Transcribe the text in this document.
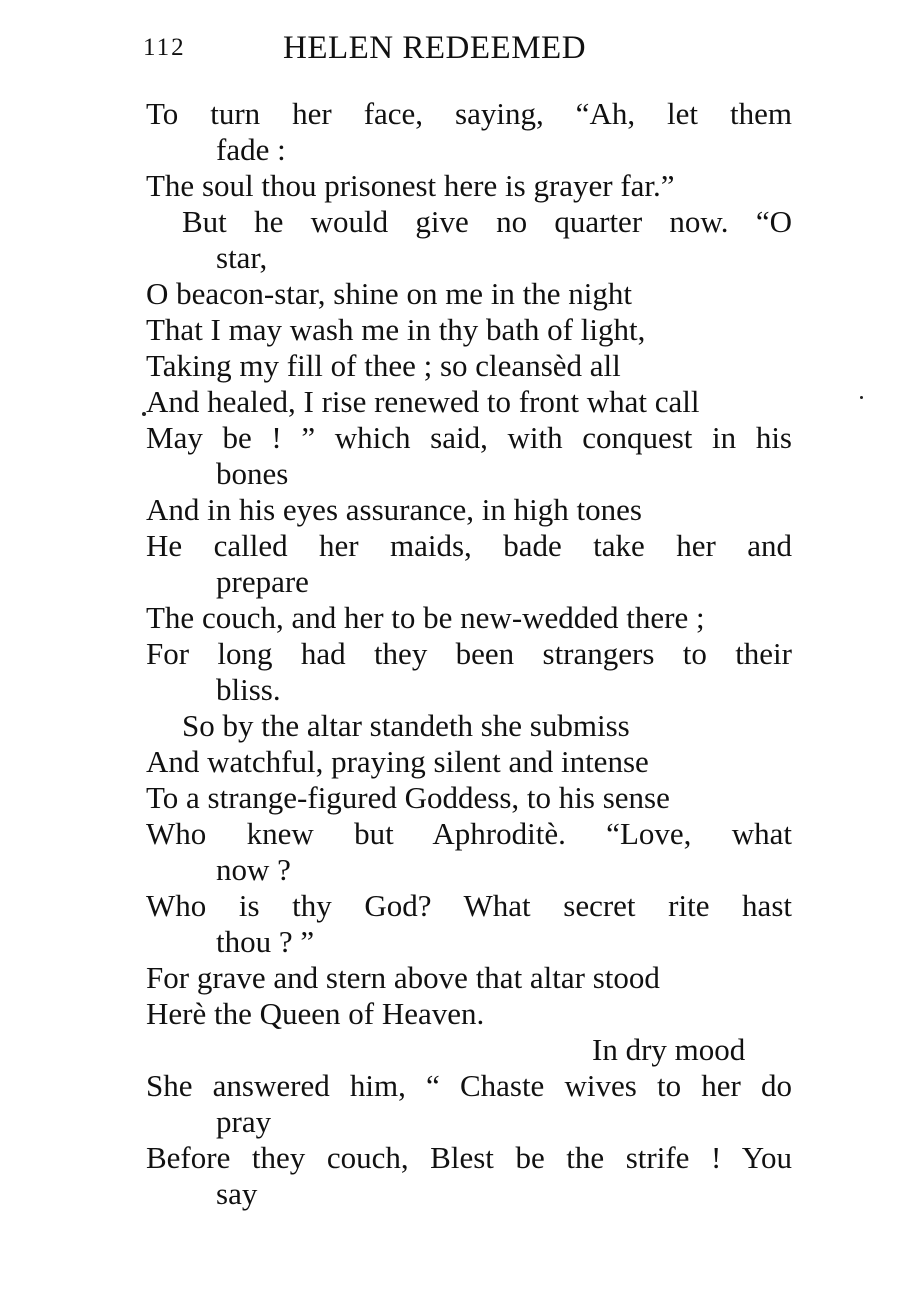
112	HELEN REDEEMED
To turn her face, saying, “Ah, let them
fade :
The soul thou prisonest here is grayer far.”
But he would give no quarter now. “O
star,
O beacon-star, shine on me in the night
That I may wash me in thy bath of light,
Taking my fill of thee ; so cleansèd all
And healed, I rise renewed to front what call
May be ! ” which said, with conquest in his
bones
And in his eyes assurance, in high tones
He called her maids, bade take her and
prepare
The couch, and her to be new-wedded there ;
For long had they been strangers to their
bliss.
So by the altar standeth she submiss
And watchful, praying silent and intense
To a strange-figured Goddess, to his sense
Who knew but Aphroditè. “Love, what
now ?
Who is thy God? What secret rite hast
thou ? ”
For grave and stern above that altar stood
Herè the Queen of Heaven.
In dry mood
She answered him, “ Chaste wives to her do
pray
Before they couch, Blest be the strife ! You
say
